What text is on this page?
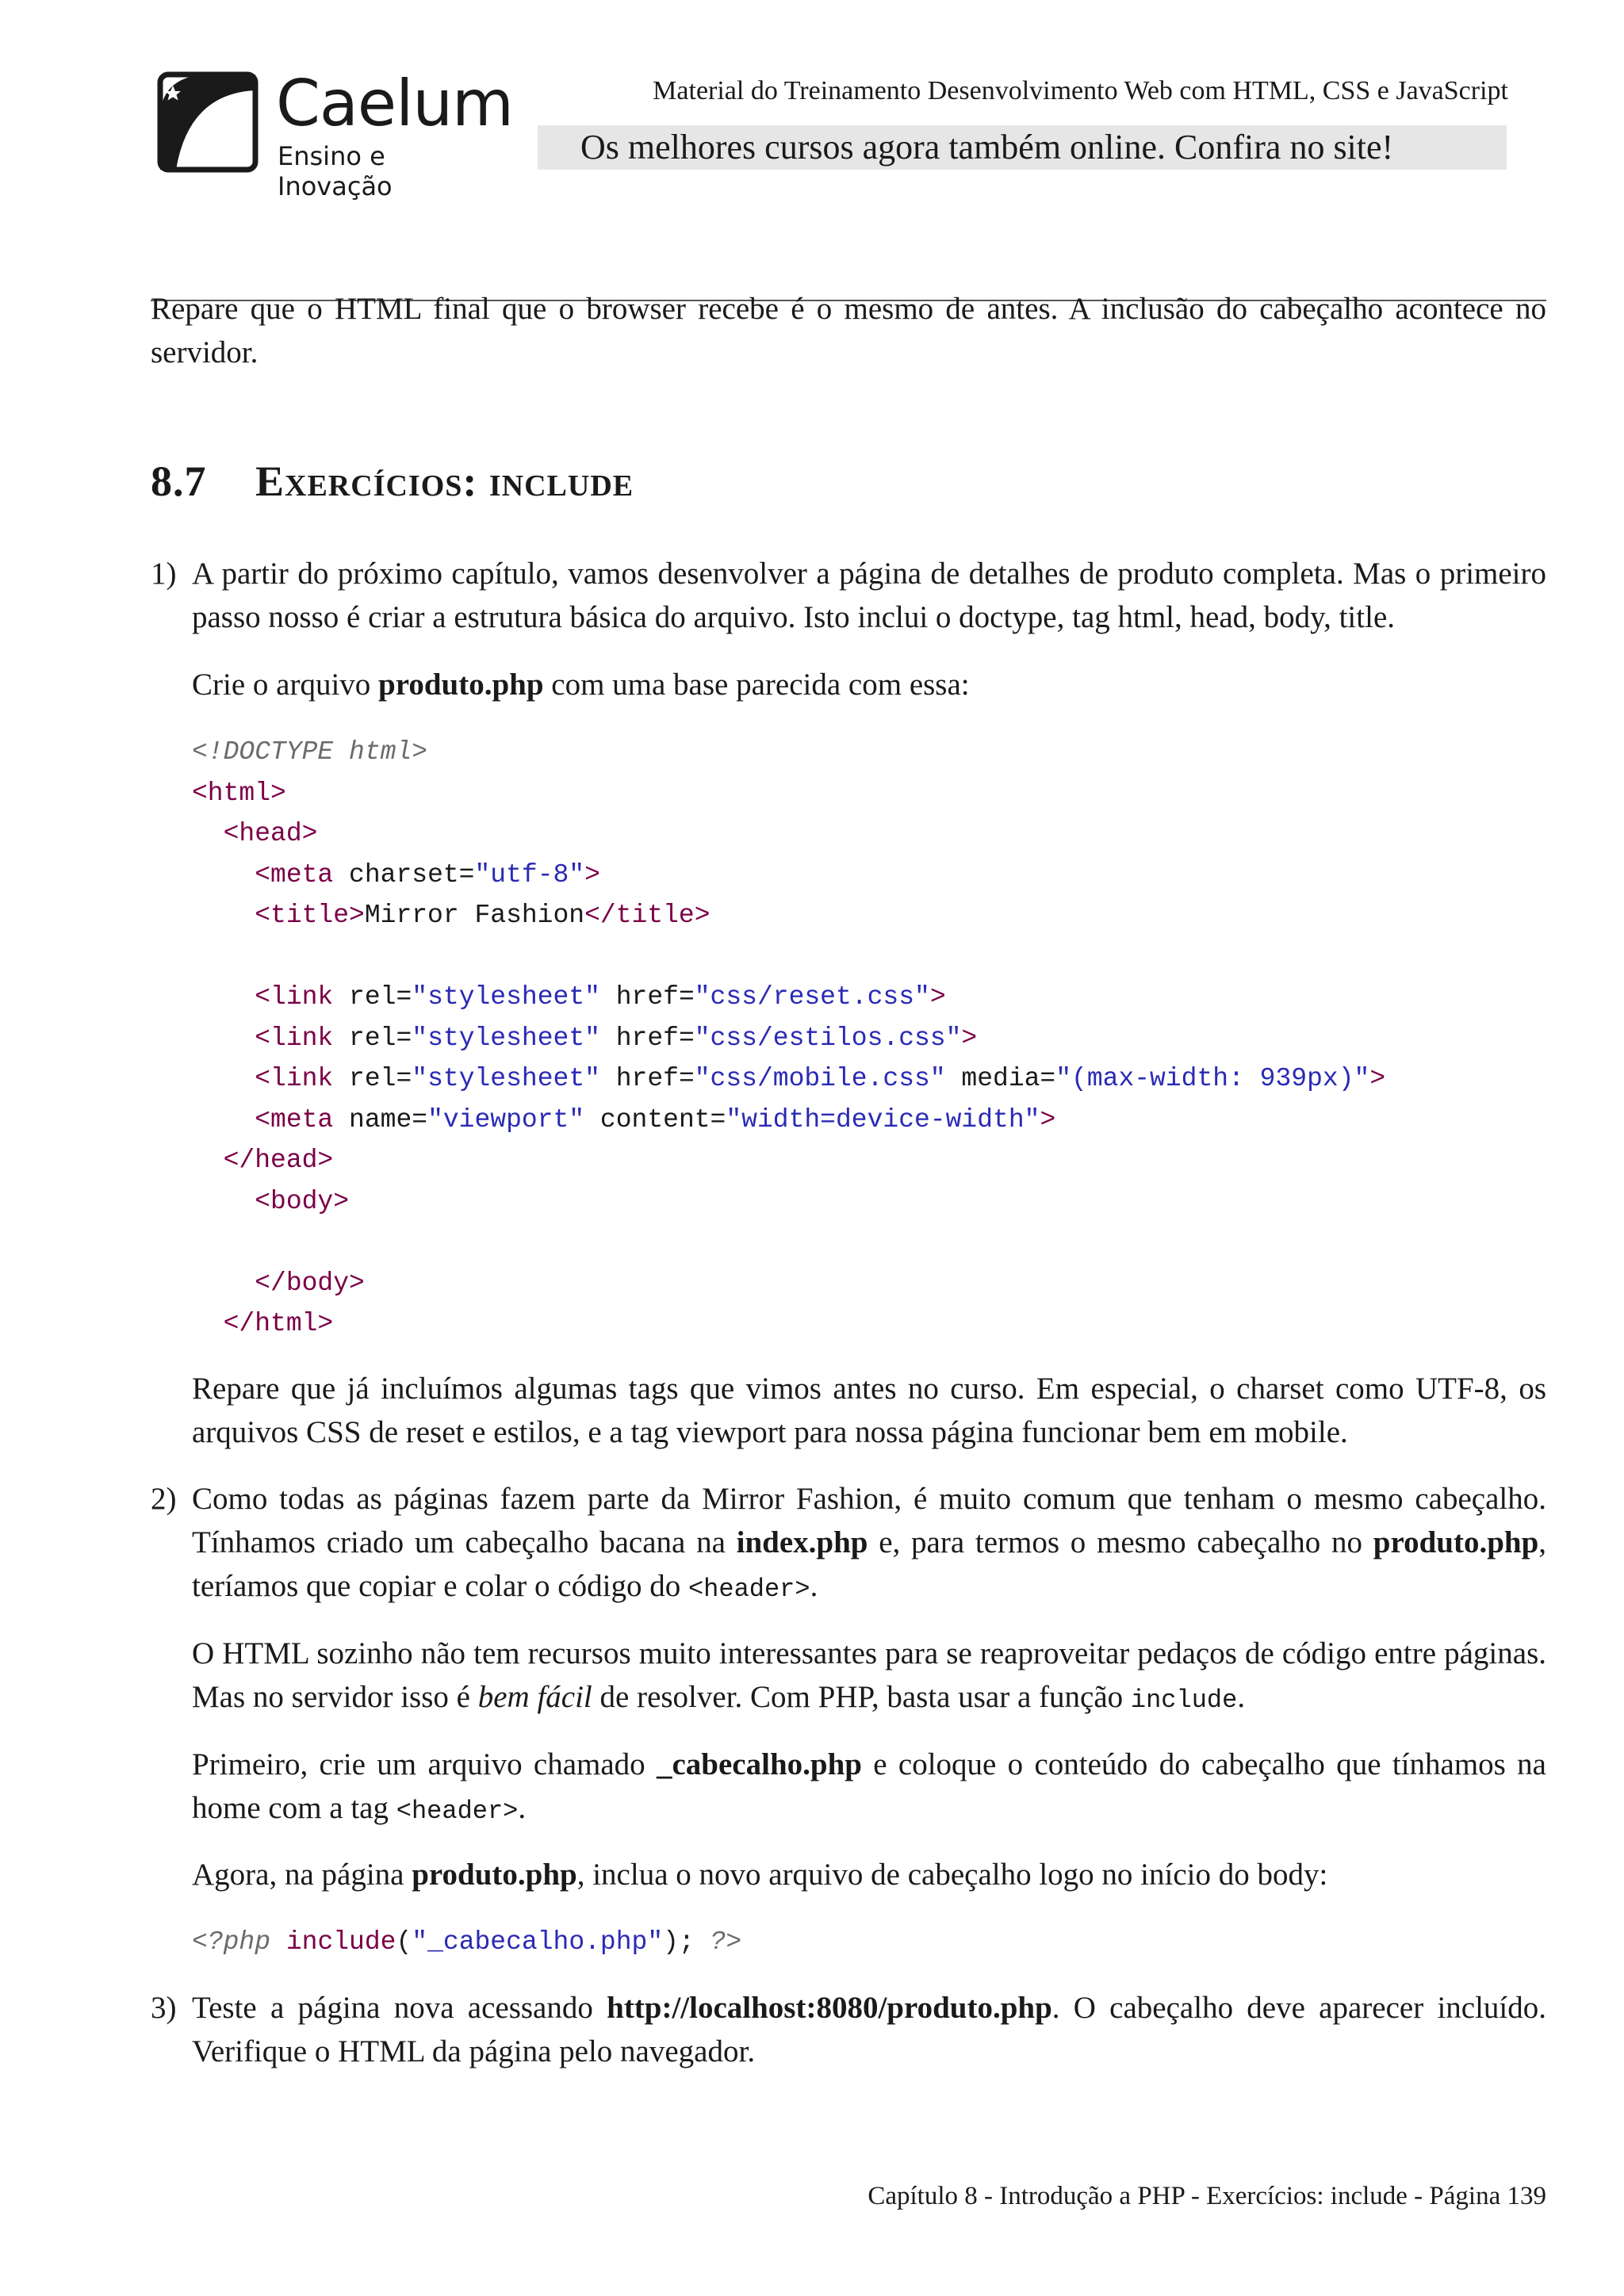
Caelum
Ensino e Inovação
Material do Treinamento Desenvolvimento Web com HTML, CSS e JavaScript
Os melhores cursos agora também online. Confira no site!

Repare que o HTML final que o browser recebe é o mesmo de antes. A inclusão do cabeçalho acontece no servidor.

8.7 Exercícios: include
1) A partir do próximo capítulo, vamos desenvolver a página de detalhes de produto completa. Mas o primeiro passo nosso é criar a estrutura básica do arquivo. Isto inclui o doctype, tag html, head, body, title.

Crie o arquivo produto.php com uma base parecida com essa:

<!DOCTYPE html>
<html>
<head>
<meta charset="utf-8">
<title>Mirror Fashion</title>

<link rel="stylesheet" href="css/reset.css">
<link rel="stylesheet" href="css/estilos.css">
<link rel="stylesheet" href="css/mobile.css" media="(max-width: 939px)">
<meta name="viewport" content="width=device-width">
</head>
<body>

</body>
</html>

Repare que já incluímos algumas tags que vimos antes no curso. Em especial, o charset como UTF-8, os arquivos CSS de reset e estilos, e a tag viewport para nossa página funcionar bem em mobile.

2) Como todas as páginas fazem parte da Mirror Fashion, é muito comum que tenham o mesmo cabeçalho. Tínhamos criado um cabeçalho bacana na index.php e, para termos o mesmo cabeçalho no produto.php, teríamos que copiar e colar o código do <header>.

O HTML sozinho não tem recursos muito interessantes para se reaproveitar pedaços de código entre páginas. Mas no servidor isso é bem fácil de resolver. Com PHP, basta usar a função include.

Primeiro, crie um arquivo chamado _cabecalho.php e coloque o conteúdo do cabeçalho que tínhamos na home com a tag <header>.

Agora, na página produto.php, inclua o novo arquivo de cabeçalho logo no início do body:

<?php include("_cabecalho.php"); ?>
3) Teste a página nova acessando http://localhost:8080/produto.php. O cabeçalho deve aparecer incluído. Verifique o HTML da página pelo navegador.

Capítulo 8 - Introdução a PHP - Exercícios: include - Página 139
